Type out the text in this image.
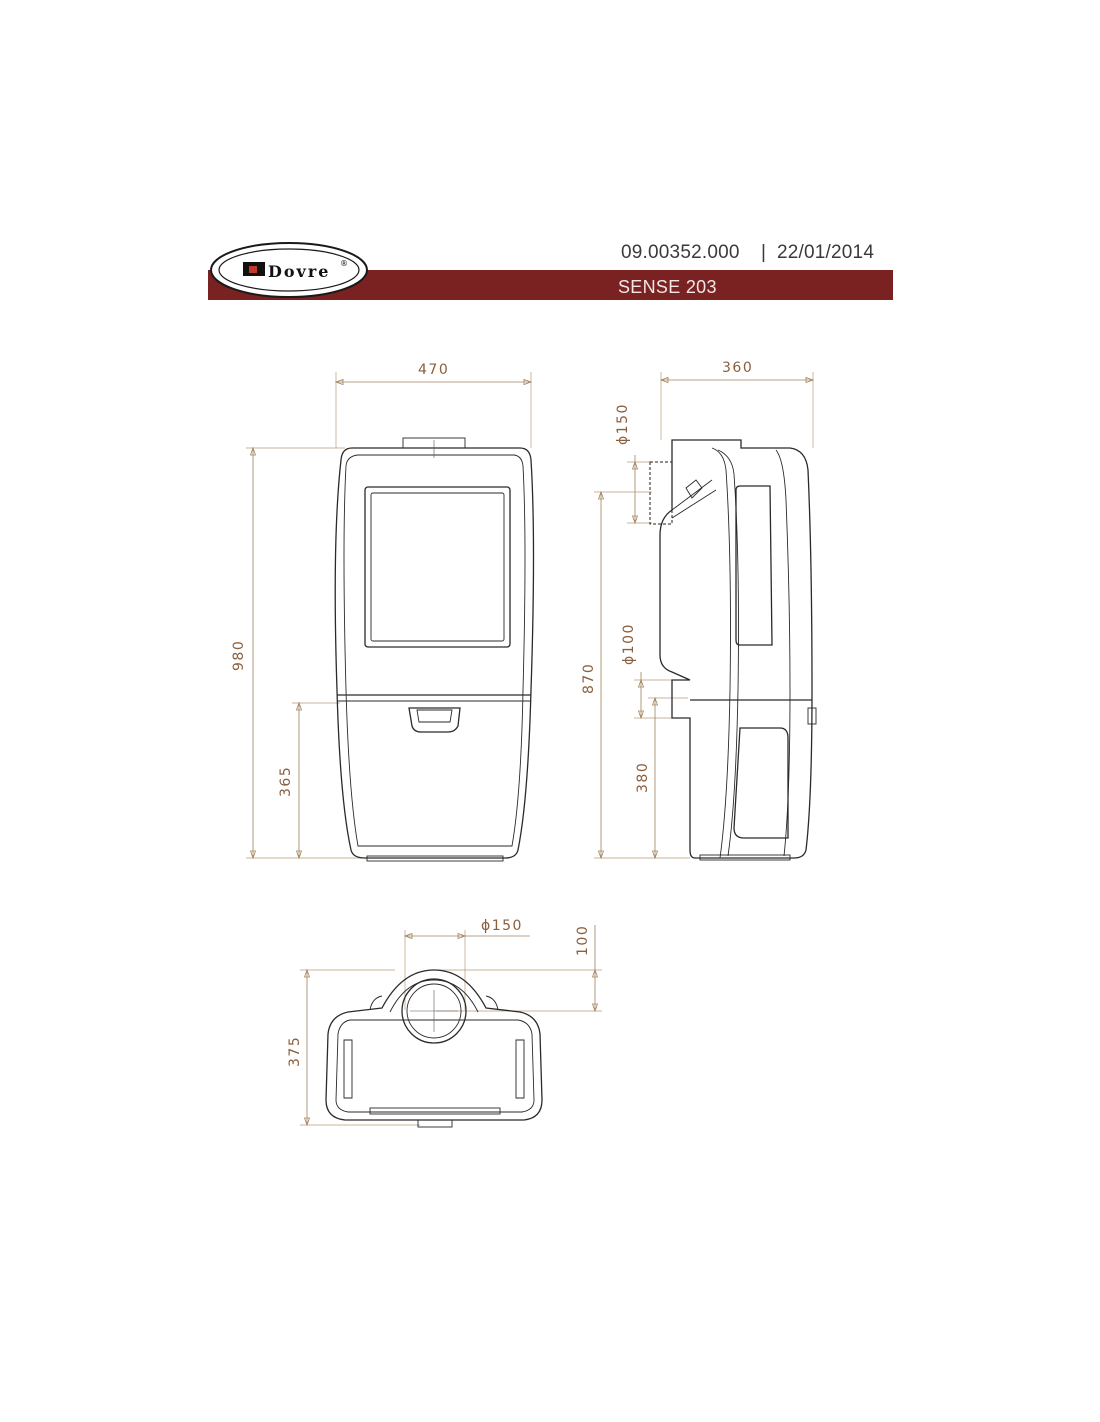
09.00352.000 | 22/01/2014
SENSE 203
Dovre ®
470
980
365
360
ϕ150
870
ϕ100
380
ϕ150	100
375
